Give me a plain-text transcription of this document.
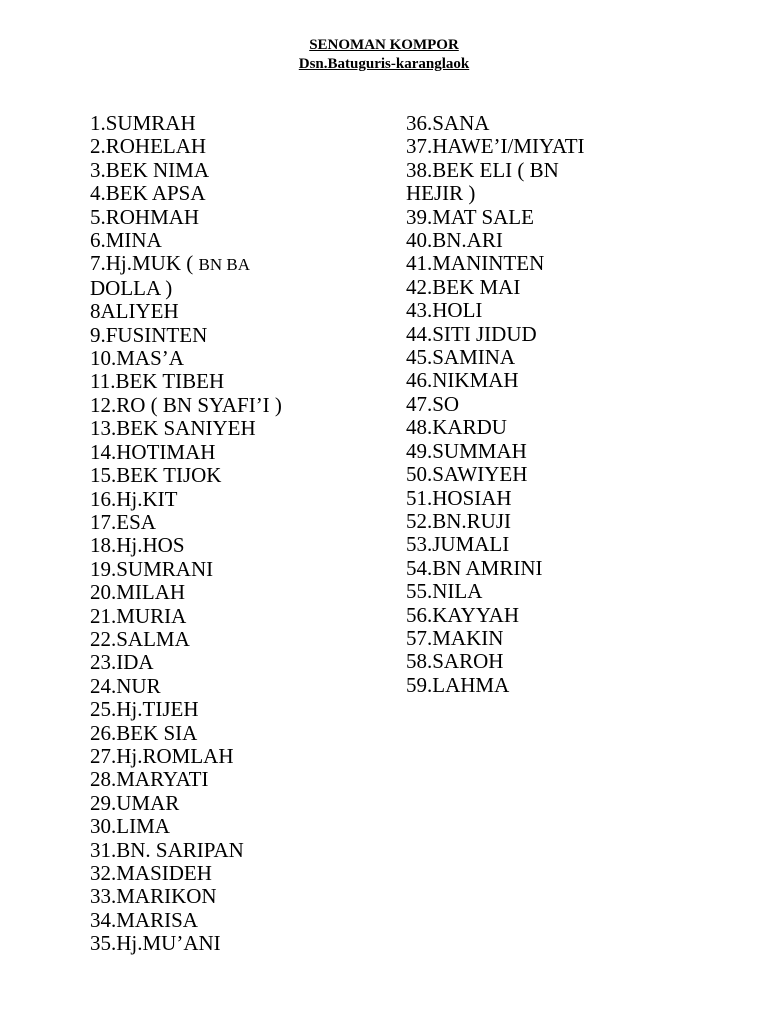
SENOMAN KOMPOR
Dsn.Batuguris-karanglaok
1.SUMRAH
2.ROHELAH
3.BEK NIMA
4.BEK APSA
5.ROHMAH
6.MINA
7.Hj.MUK ( BN BA
DOLLA )
8ALIYEH
9.FUSINTEN
10.MAS’A
11.BEK TIBEH
12.RO ( BN SYAFI’I )
13.BEK SANIYEH
14.HOTIMAH
15.BEK TIJOK
16.Hj.KIT
17.ESA
18.Hj.HOS
19.SUMRANI
20.MILAH
21.MURIA
22.SALMA
23.IDA
24.NUR
25.Hj.TIJEH
26.BEK SIA
27.Hj.ROMLAH
28.MARYATI
29.UMAR
30.LIMA
31.BN. SARIPAN
32.MASIDEH
33.MARIKON
34.MARISA
35.Hj.MU’ANI
36.SANA
37.HAWE’I/MIYATI
38.BEK ELI ( BN
HEJIR )
39.MAT SALE
40.BN.ARI
41.MANINTEN
42.BEK MAI
43.HOLI
44.SITI JIDUD
45.SAMINA
46.NIKMAH
47.SO
48.KARDU
49.SUMMAH
50.SAWIYEH
51.HOSIAH
52.BN.RUJI
53.JUMALI
54.BN AMRINI
55.NILA
56.KAYYAH
57.MAKIN
58.SAROH
59.LAHMA
